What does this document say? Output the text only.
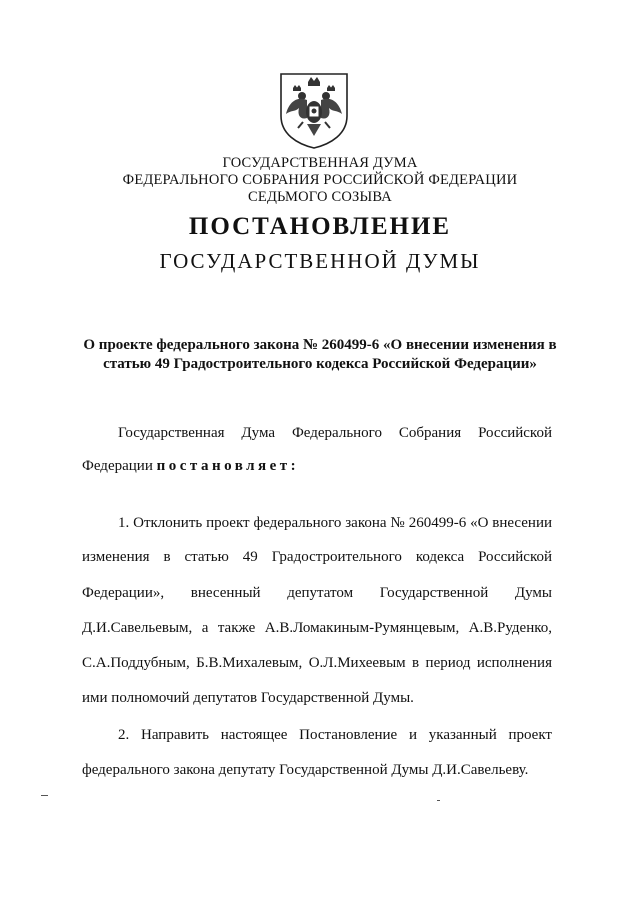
ГОСУДАРСТВЕННАЯ ДУМА
ФЕДЕРАЛЬНОГО СОБРАНИЯ РОССИЙСКОЙ ФЕДЕРАЦИИ
СЕДЬМОГО СОЗЫВА
ПОСТАНОВЛЕНИЕ
ГОСУДАРСТВЕННОЙ ДУМЫ
О проекте федерального закона № 260499-6 «О внесении изменения в
статью 49 Градостроительного кодекса Российской Федерации»
Государственная Дума Федерального Собрания Российской
Федерации постановляет:
1. Отклонить проект федерального закона № 260499-6 «О внесении
изменения в статью 49 Градостроительного кодекса Российской
Федерации», внесенный депутатом Государственной Думы
Д.И.Савельевым, а также А.В.Ломакиным-Румянцевым, А.В.Руденко,
С.А.Поддубным, Б.В.Михалевым, О.Л.Михеевым в период исполнения
ими полномочий депутатов Государственной Думы.
2. Направить настоящее Постановление и указанный проект
федерального закона депутату Государственной Думы Д.И.Савельеву.
